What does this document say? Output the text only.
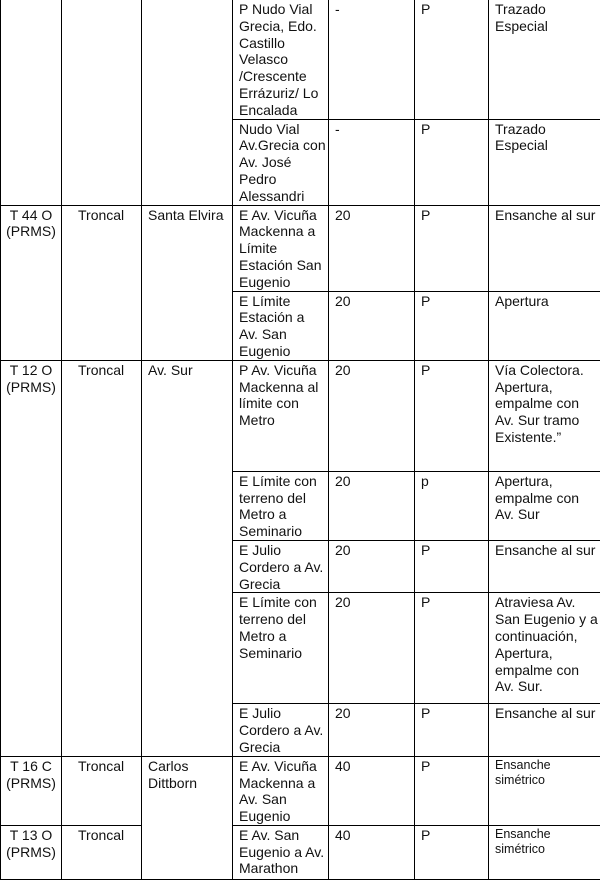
			P Nudo Vial Grecia, Edo. Castillo Velasco /Crescente Errázuriz/ Lo Encalada	-	P	Trazado Especial
			Nudo Vial Av.Grecia con Av. José Pedro Alessandri	-	P	Trazado Especial
T 44 O (PRMS)	Troncal	Santa Elvira	E Av. Vicuña Mackenna a Límite Estación San Eugenio	20	P	Ensanche al sur
			E Límite Estación a Av. San Eugenio	20	P	Apertura
T 12 O (PRMS)	Troncal	Av. Sur	P Av. Vicuña Mackenna al límite con Metro	20	P	Vía Colectora. Apertura, empalme con Av. Sur tramo Existente.”
			E Límite con terreno del Metro a Seminario	20	p	Apertura, empalme con Av. Sur
			E Julio Cordero a Av. Grecia	20	P	Ensanche al sur
			E Límite con terreno del Metro a Seminario	20	P	Atraviesa Av. San Eugenio y a continuación, Apertura, empalme con Av. Sur.
			E Julio Cordero a Av. Grecia	20	P	Ensanche al sur
T 16 C (PRMS)	Troncal	Carlos Dittborn	E Av. Vicuña Mackenna a Av. San Eugenio	40	P	Ensanche simétrico
T 13 O (PRMS)	Troncal		E Av. San Eugenio a Av. Marathon	40	P	Ensanche simétrico
